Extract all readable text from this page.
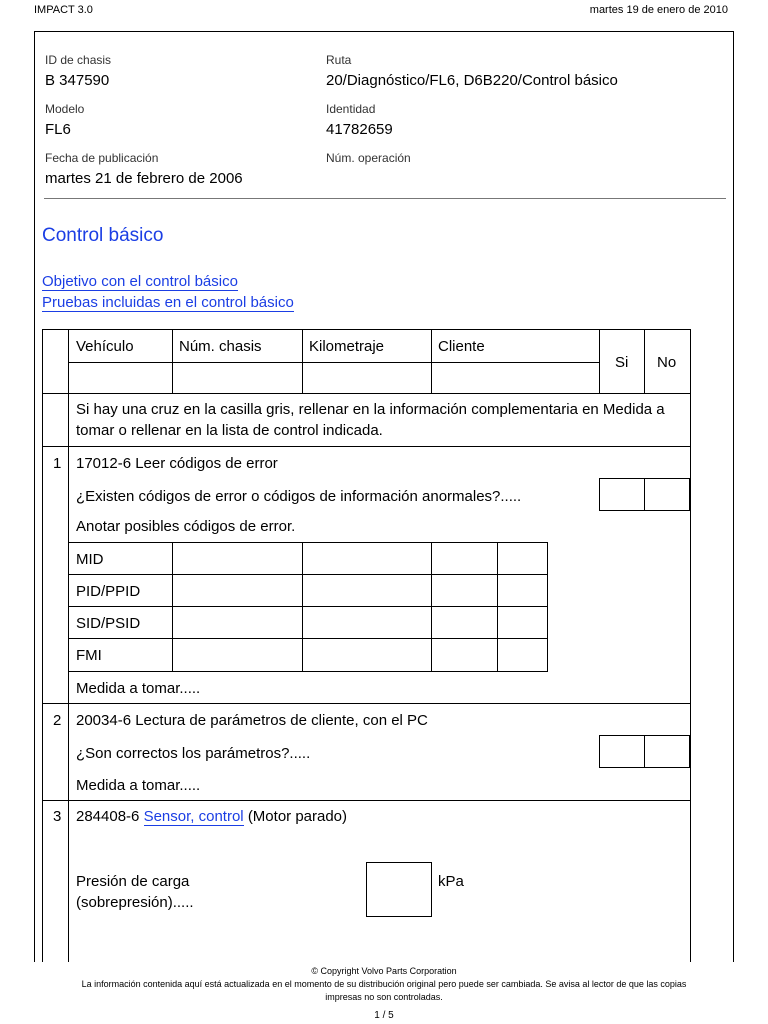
IMPACT 3.0	martes 19 de enero de 2010
ID de chasis
B 347590
Ruta
20/Diagnóstico/FL6, D6B220/Control básico
Modelo
FL6
Identidad
41782659
Fecha de publicación
martes 21 de febrero de 2006
Núm. operación
Control básico
Objetivo con el control básico
Pruebas incluidas en el control básico
Vehículo	Núm. chasis	Kilometraje	Cliente
Si No
Si hay una cruz en la casilla gris, rellenar en la información complementaria en Medida a tomar o rellenar en la lista de control indicada.
1 17012-6 Leer códigos de error
¿Existen códigos de error o códigos de información anormales?.....
Anotar posibles códigos de error.
MID
PID/PPID
SID/PSID
FMI
Medida a tomar.....
2 20034-6 Lectura de parámetros de cliente, con el PC
¿Son correctos los parámetros?.....
Medida a tomar.....
3 284408-6 Sensor, control (Motor parado)
Presión de carga
(sobrepresión).....
kPa
© Copyright Volvo Parts Corporation
La información contenida aquí está actualizada en el momento de su distribución original pero puede ser cambiada. Se avisa al lector de que las copias
impresas no son controladas.
1 / 5
